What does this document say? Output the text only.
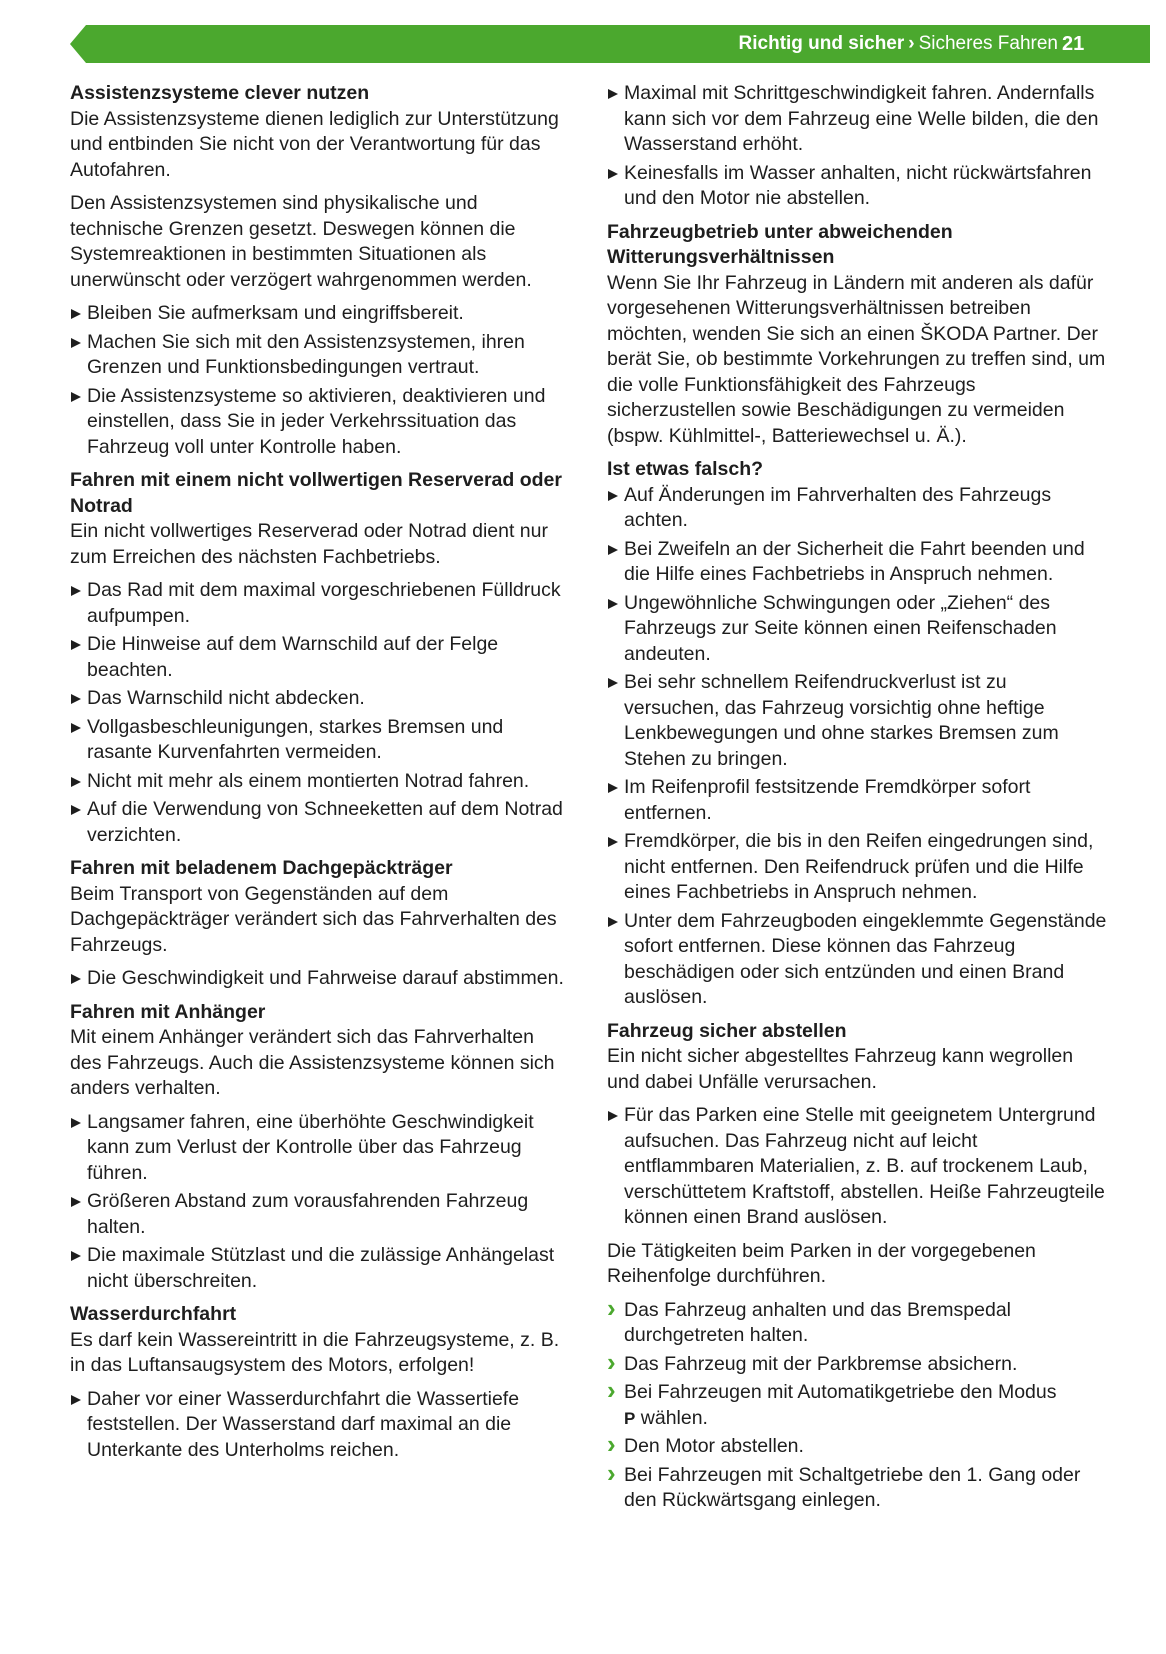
Richtig und sicher › Sicheres Fahren 21
Assistenzsysteme clever nutzen

Die Assistenzsysteme dienen lediglich zur Unterstützung und entbinden Sie nicht von der Verantwortung für das Autofahren.

Den Assistenzsystemen sind physikalische und technische Grenzen gesetzt. Deswegen können die Systemreaktionen in bestimmten Situationen als unerwünscht oder verzögert wahrgenommen werden.

Bleiben Sie aufmerksam und eingriffsbereit.
Machen Sie sich mit den Assistenzsystemen, ihren Grenzen und Funktionsbedingungen vertraut.
Die Assistenzsysteme so aktivieren, deaktivieren und einstellen, dass Sie in jeder Verkehrssituation das Fahrzeug voll unter Kontrolle haben.
Fahren mit einem nicht vollwertigen Reserverad oder Notrad

Ein nicht vollwertiges Reserverad oder Notrad dient nur zum Erreichen des nächsten Fachbetriebs.

Das Rad mit dem maximal vorgeschriebenen Fülldruck aufpumpen.
Die Hinweise auf dem Warnschild auf der Felge beachten.
Das Warnschild nicht abdecken.
Vollgasbeschleunigungen, starkes Bremsen und rasante Kurvenfahrten vermeiden.
Nicht mit mehr als einem montierten Notrad fahren.
Auf die Verwendung von Schneeketten auf dem Notrad verzichten.
Fahren mit beladenem Dachgepäckträger

Beim Transport von Gegenständen auf dem Dachgepäckträger verändert sich das Fahrverhalten des Fahrzeugs.

Die Geschwindigkeit und Fahrweise darauf abstimmen.
Fahren mit Anhänger

Mit einem Anhänger verändert sich das Fahrverhalten des Fahrzeugs. Auch die Assistenzsysteme können sich anders verhalten.

Langsamer fahren, eine überhöhte Geschwindigkeit kann zum Verlust der Kontrolle über das Fahrzeug führen.
Größeren Abstand zum vorausfahrenden Fahrzeug halten.
Die maximale Stützlast und die zulässige Anhängelast nicht überschreiten.
Wasserdurchfahrt

Es darf kein Wassereintritt in die Fahrzeugsysteme, z. B. in das Luftansaugsystem des Motors, erfolgen!

Daher vor einer Wasserdurchfahrt die Wassertiefe feststellen. Der Wasserstand darf maximal an die Unterkante des Unterholms reichen.
Maximal mit Schrittgeschwindigkeit fahren. Andernfalls kann sich vor dem Fahrzeug eine Welle bilden, die den Wasserstand erhöht.
Keinesfalls im Wasser anhalten, nicht rückwärtsfahren und den Motor nie abstellen.
Fahrzeugbetrieb unter abweichenden Witterungsverhältnissen

Wenn Sie Ihr Fahrzeug in Ländern mit anderen als dafür vorgesehenen Witterungsverhältnissen betreiben möchten, wenden Sie sich an einen ŠKODA Partner. Der berät Sie, ob bestimmte Vorkehrungen zu treffen sind, um die volle Funktionsfähigkeit des Fahrzeugs sicherzustellen sowie Beschädigungen zu vermeiden (bspw. Kühlmittel-, Batteriewechsel u. Ä.).

Ist etwas falsch?
Auf Änderungen im Fahrverhalten des Fahrzeugs achten.
Bei Zweifeln an der Sicherheit die Fahrt beenden und die Hilfe eines Fachbetriebs in Anspruch nehmen.
Ungewöhnliche Schwingungen oder „Ziehen“ des Fahrzeugs zur Seite können einen Reifenschaden andeuten.
Bei sehr schnellem Reifendruckverlust ist zu versuchen, das Fahrzeug vorsichtig ohne heftige Lenkbewegungen und ohne starkes Bremsen zum Stehen zu bringen.
Im Reifenprofil festsitzende Fremdkörper sofort entfernen.
Fremdkörper, die bis in den Reifen eingedrungen sind, nicht entfernen. Den Reifendruck prüfen und die Hilfe eines Fachbetriebs in Anspruch nehmen.
Unter dem Fahrzeugboden eingeklemmte Gegenstände sofort entfernen. Diese können das Fahrzeug beschädigen oder sich entzünden und einen Brand auslösen.
Fahrzeug sicher abstellen

Ein nicht sicher abgestelltes Fahrzeug kann wegrollen und dabei Unfälle verursachen.

Für das Parken eine Stelle mit geeignetem Untergrund aufsuchen. Das Fahrzeug nicht auf leicht entflammbaren Materialien, z. B. auf trockenem Laub, verschüttetem Kraftstoff, abstellen. Heiße Fahrzeugteile können einen Brand auslösen.

Die Tätigkeiten beim Parken in der vorgegebenen Reihenfolge durchführen.

› Das Fahrzeug anhalten und das Bremspedal durchgetreten halten.
› Das Fahrzeug mit der Parkbremse absichern.
› Bei Fahrzeugen mit Automatikgetriebe den Modus
P wählen.
› Den Motor abstellen.
› Bei Fahrzeugen mit Schaltgetriebe den 1. Gang oder den Rückwärtsgang einlegen.
